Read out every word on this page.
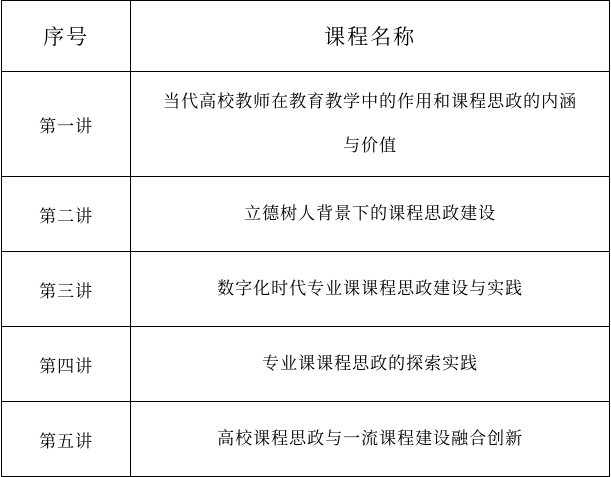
序号	课程名称
第一讲	当代高校教师在教育教学中的作用和课程思政的内涵与价值

第二讲	立德树人背景下的课程思政建设

第三讲	数字化时代专业课课程思政建设与实践

第四讲	专业课课程思政的探索实践

第五讲	高校课程思政与一流课程建设融合创新
